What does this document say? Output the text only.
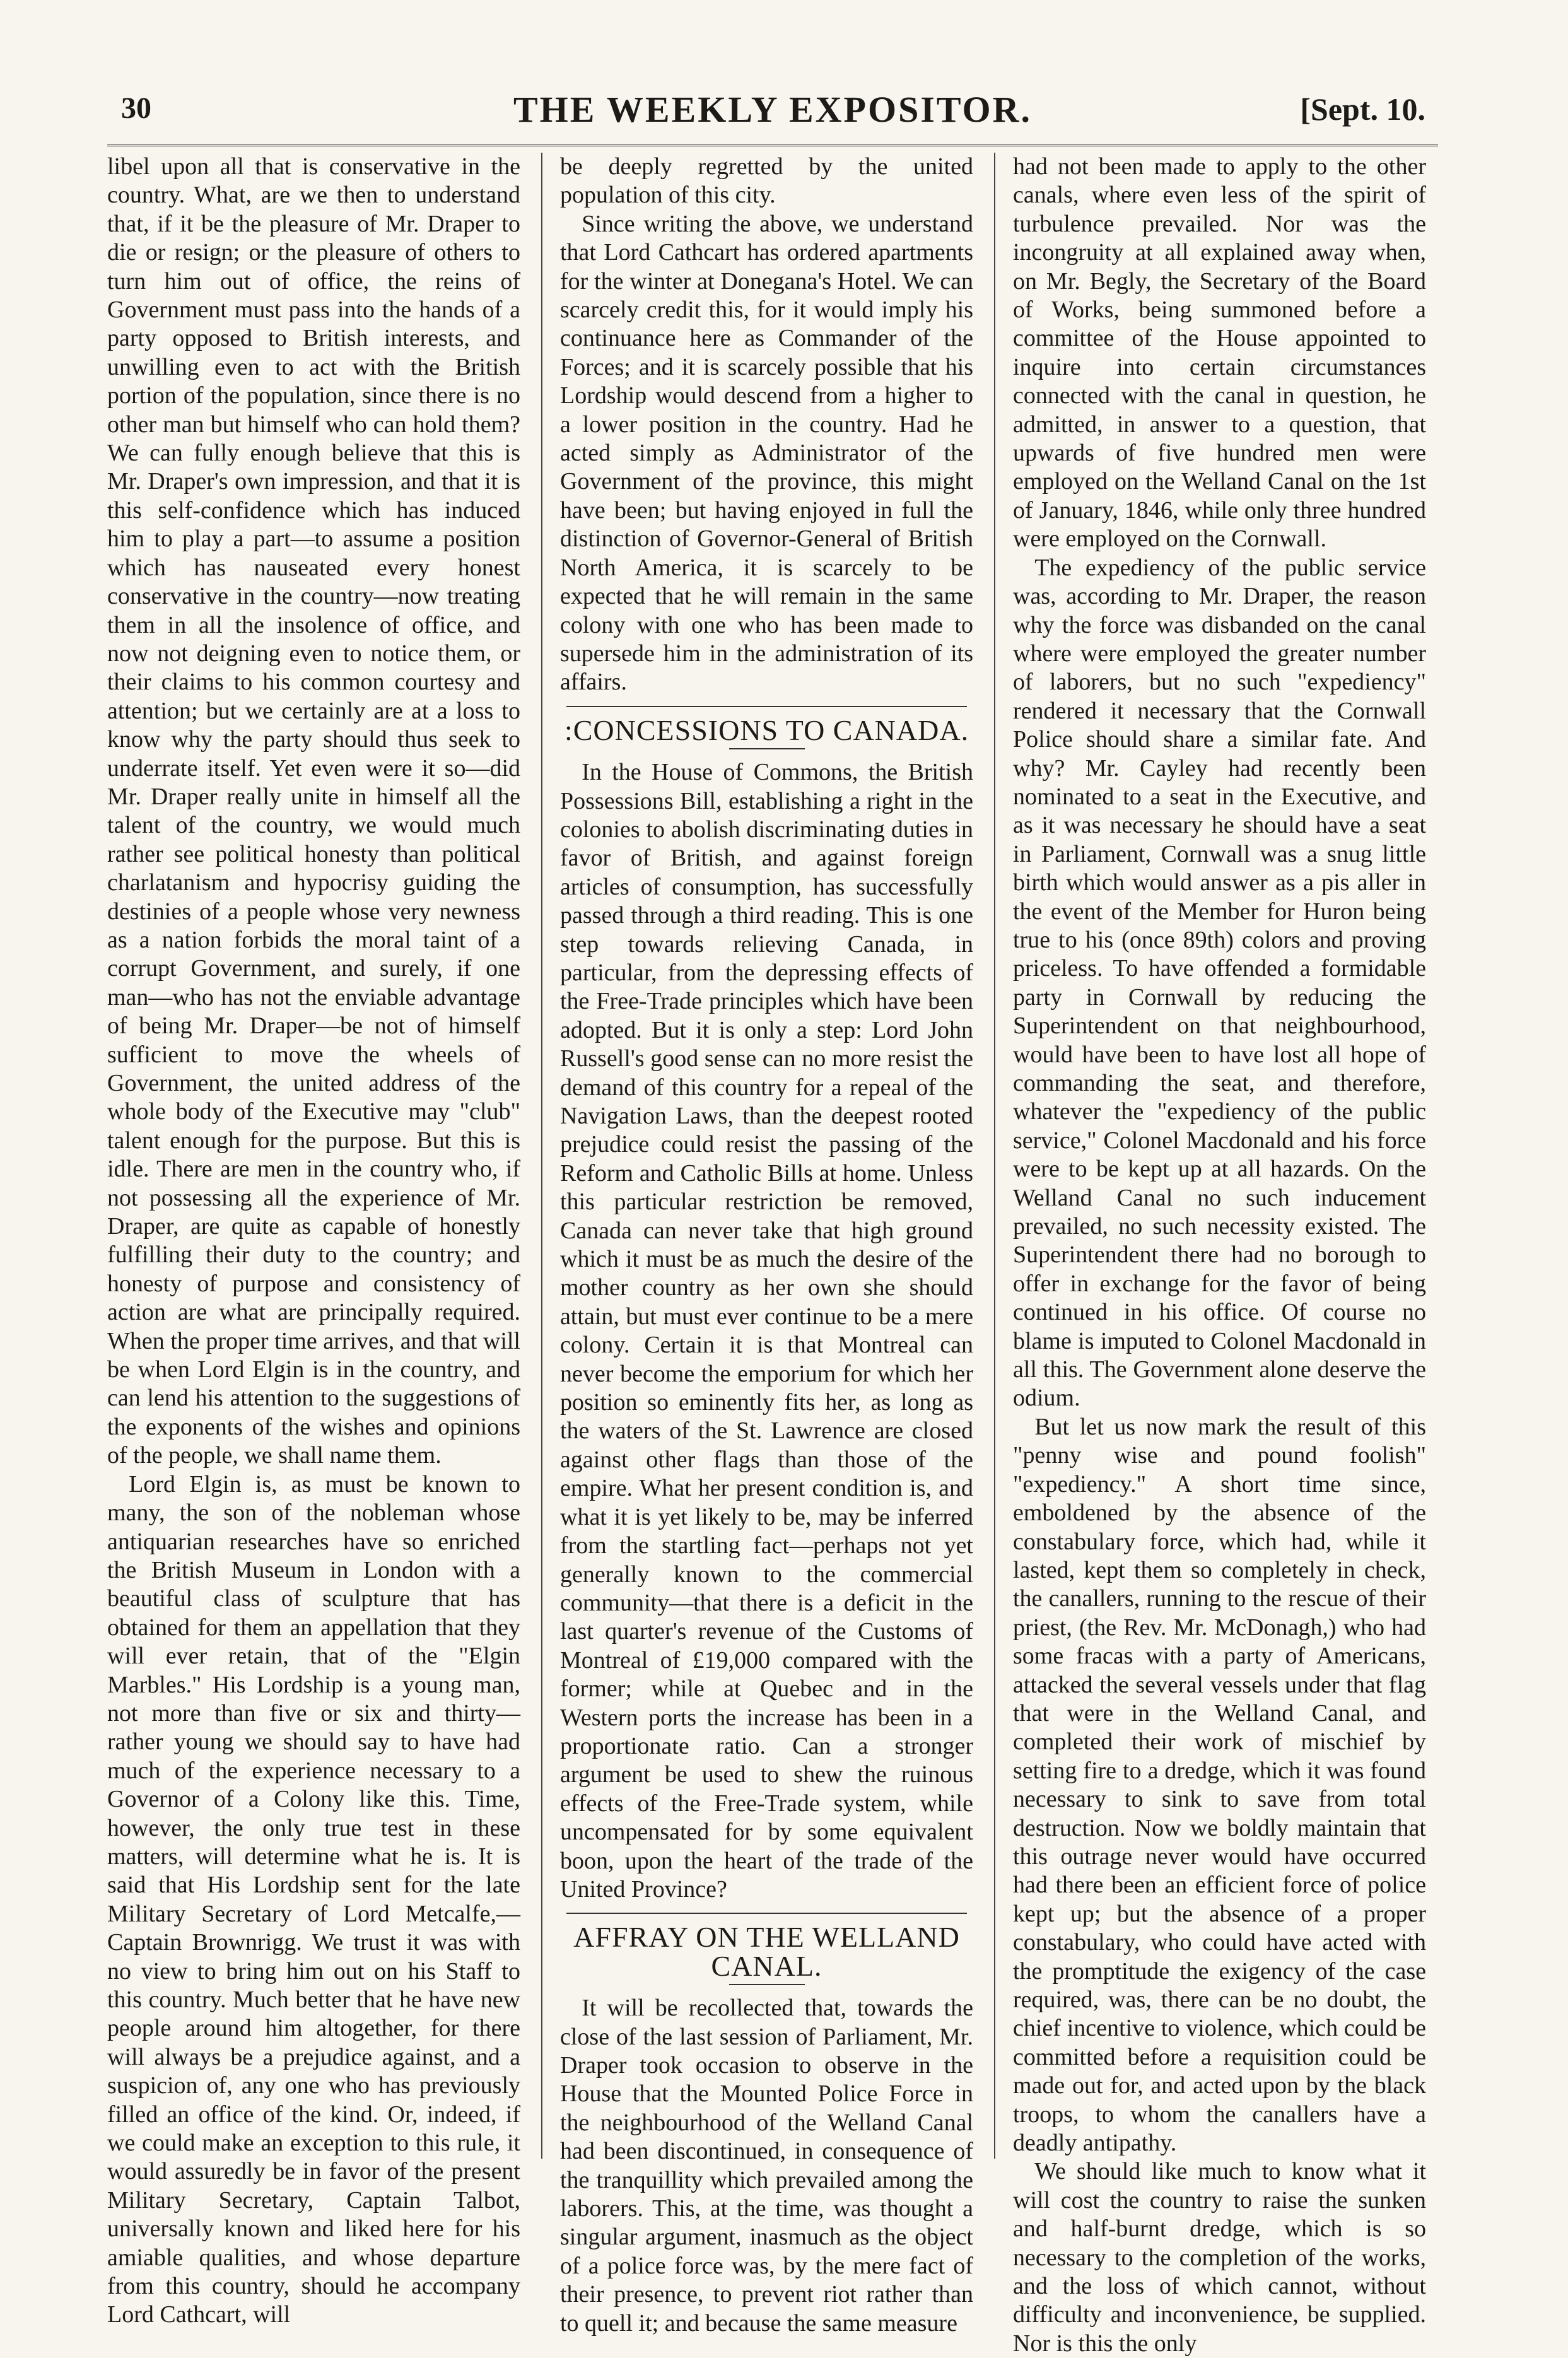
30	THE WEEKLY EXPOSITOR.	[Sept. 10.

libel upon all that is conservative in the country. What, are we then to understand that, if it be the pleasure of Mr. Draper to die or resign; or the pleasure of others to turn him out of office, the reins of Government must pass into the hands of a party opposed to British interests, and unwilling even to act with the British portion of the population, since there is no other man but himself who can hold them? We can fully enough believe that this is Mr. Draper's own impression, and that it is this self-confidence which has induced him to play a part—to assume a position which has nauseated every honest conservative in the country—now treating them in all the insolence of office, and now not deigning even to notice them, or their claims to his common courtesy and attention; but we certainly are at a loss to know why the party should thus seek to underrate itself. Yet even were it so—did Mr. Draper really unite in himself all the talent of the country, we would much rather see political honesty than political charlatanism and hypocrisy guiding the destinies of a people whose very newness as a nation forbids the moral taint of a corrupt Government, and surely, if one man—who has not the enviable advantage of being Mr. Draper—be not of himself sufficient to move the wheels of Government, the united address of the whole body of the Executive may "club" talent enough for the purpose. But this is idle. There are men in the country who, if not possessing all the experience of Mr. Draper, are quite as capable of honestly fulfilling their duty to the country; and honesty of purpose and consistency of action are what are principally required. When the proper time arrives, and that will be when Lord Elgin is in the country, and can lend his attention to the suggestions of the exponents of the wishes and opinions of the people, we shall name them.

Lord Elgin is, as must be known to many, the son of the nobleman whose antiquarian researches have so enriched the British Museum in London with a beautiful class of sculpture that has obtained for them an appellation that they will ever retain, that of the "Elgin Marbles." His Lordship is a young man, not more than five or six and thirty—rather young we should say to have had much of the experience necessary to a Governor of a Colony like this. Time, however, the only true test in these matters, will determine what he is. It is said that His Lordship sent for the late Military Secretary of Lord Metcalfe,—Captain Brownrigg. We trust it was with no view to bring him out on his Staff to this country. Much better that he have new people around him altogether, for there will always be a prejudice against, and a suspicion of, any one who has previously filled an office of the kind. Or, indeed, if we could make an exception to this rule, it would assuredly be in favor of the present Military Secretary, Captain Talbot, universally known and liked here for his amiable qualities, and whose departure from this country, should he accompany Lord Cathcart, will

be deeply regretted by the united population of this city.

Since writing the above, we understand that Lord Cathcart has ordered apartments for the winter at Donegana's Hotel. We can scarcely credit this, for it would imply his continuance here as Commander of the Forces; and it is scarcely possible that his Lordship would descend from a higher to a lower position in the country. Had he acted simply as Administrator of the Government of the province, this might have been; but having enjoyed in full the distinction of Governor-General of British North America, it is scarcely to be expected that he will remain in the same colony with one who has been made to supersede him in the administration of its affairs.

:CONCESSIONS TO CANADA.

In the House of Commons, the British Possessions Bill, establishing a right in the colonies to abolish discriminating duties in favor of British, and against foreign articles of consumption, has successfully passed through a third reading. This is one step towards relieving Canada, in particular, from the depressing effects of the Free-Trade principles which have been adopted. But it is only a step: Lord John Russell's good sense can no more resist the demand of this country for a repeal of the Navigation Laws, than the deepest rooted prejudice could resist the passing of the Reform and Catholic Bills at home. Unless this particular restriction be removed, Canada can never take that high ground which it must be as much the desire of the mother country as her own she should attain, but must ever continue to be a mere colony. Certain it is that Montreal can never become the emporium for which her position so eminently fits her, as long as the waters of the St. Lawrence are closed against other flags than those of the empire. What her present condition is, and what it is yet likely to be, may be inferred from the startling fact—perhaps not yet generally known to the commercial community—that there is a deficit in the last quarter's revenue of the Customs of Montreal of £19,000 compared with the former; while at Quebec and in the Western ports the increase has been in a proportionate ratio. Can a stronger argument be used to shew the ruinous effects of the Free-Trade system, while uncompensated for by some equivalent boon, upon the heart of the trade of the United Province?

AFFRAY ON THE WELLAND CANAL.

It will be recollected that, towards the close of the last session of Parliament, Mr. Draper took occasion to observe in the House that the Mounted Police Force in the neighbourhood of the Welland Canal had been discontinued, in consequence of the tranquillity which prevailed among the laborers. This, at the time, was thought a singular argument, inasmuch as the object of a police force was, by the mere fact of their presence, to prevent riot rather than to quell it; and because the same measure

had not been made to apply to the other canals, where even less of the spirit of turbulence prevailed. Nor was the incongruity at all explained away when, on Mr. Begly, the Secretary of the Board of Works, being summoned before a committee of the House appointed to inquire into certain circumstances connected with the canal in question, he admitted, in answer to a question, that upwards of five hundred men were employed on the Welland Canal on the 1st of January, 1846, while only three hundred were employed on the Cornwall.

The expediency of the public service was, according to Mr. Draper, the reason why the force was disbanded on the canal where were employed the greater number of laborers, but no such "expediency" rendered it necessary that the Cornwall Police should share a similar fate. And why? Mr. Cayley had recently been nominated to a seat in the Executive, and as it was necessary he should have a seat in Parliament, Cornwall was a snug little birth which would answer as a pis aller in the event of the Member for Huron being true to his (once 89th) colors and proving priceless. To have offended a formidable party in Cornwall by reducing the Superintendent on that neighbourhood, would have been to have lost all hope of commanding the seat, and therefore, whatever the "expediency of the public service," Colonel Macdonald and his force were to be kept up at all hazards. On the Welland Canal no such inducement prevailed, no such necessity existed. The Superintendent there had no borough to offer in exchange for the favor of being continued in his office. Of course no blame is imputed to Colonel Macdonald in all this. The Government alone deserve the odium.

But let us now mark the result of this "penny wise and pound foolish" "expediency." A short time since, emboldened by the absence of the constabulary force, which had, while it lasted, kept them so completely in check, the canallers, running to the rescue of their priest, (the Rev. Mr. McDonagh,) who had some fracas with a party of Americans, attacked the several vessels under that flag that were in the Welland Canal, and completed their work of mischief by setting fire to a dredge, which it was found necessary to sink to save from total destruction. Now we boldly maintain that this outrage never would have occurred had there been an efficient force of police kept up; but the absence of a proper constabulary, who could have acted with the promptitude the exigency of the case required, was, there can be no doubt, the chief incentive to violence, which could be committed before a requisition could be made out for, and acted upon by the black troops, to whom the canallers have a deadly antipathy.

We should like much to know what it will cost the country to raise the sunken and half-burnt dredge, which is so necessary to the completion of the works, and the loss of which cannot, without difficulty and inconvenience, be supplied. Nor is this the only
